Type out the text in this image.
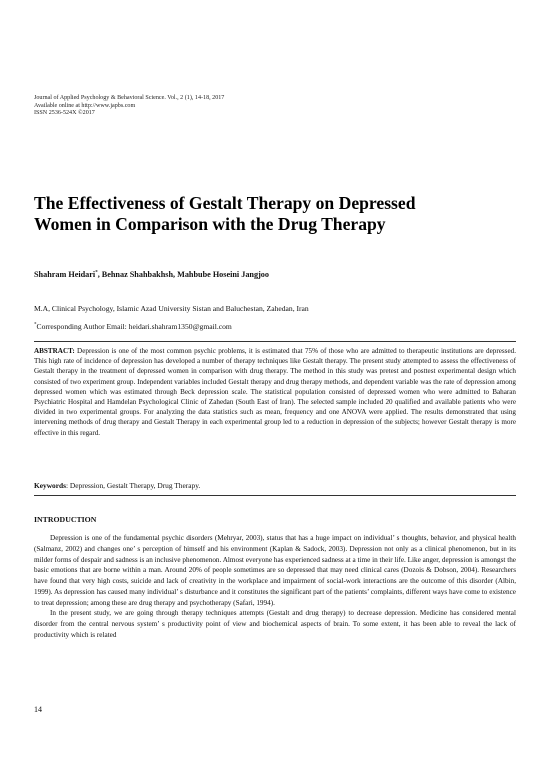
Journal of Applied Psychology & Behavioral Science. Vol., 2 (1), 14-18, 2017
Available online at http://www.japbs.com
ISSN 2536-524X ©2017
The Effectiveness of Gestalt Therapy on Depressed
Women in Comparison with the Drug Therapy
Shahram Heidari*, Behnaz Shahbakhsh, Mahbube Hoseini Jangjoo
M.A, Clinical Psychology, Islamic Azad University Sistan and Baluchestan, Zahedan, Iran
*Corresponding Author Email: heidari.shahram1350@gmail.com
ABSTRACT: Depression is one of the most common psychic problems, it is estimated that 75% of those who are admitted to therapeutic institutions are depressed. This high rate of incidence of depression has developed a number of therapy techniques like Gestalt therapy. The present study attempted to assess the effectiveness of Gestalt therapy in the treatment of depressed women in comparison with drug therapy. The method in this study was pretest and posttest experimental design which consisted of two experiment group. Independent variables included Gestalt therapy and drug therapy methods, and dependent variable was the rate of depression among depressed women which was estimated through Beck depression scale. The statistical population consisted of depressed women who were admitted to Baharan Psychiatric Hospital and Hamdelan Psychological Clinic of Zahedan (South East of Iran). The selected sample included 20 qualified and available patients who were divided in two experimental groups. For analyzing the data statistics such as mean, frequency and one ANOVA were applied. The results demonstrated that using intervening methods of drug therapy and Gestalt Therapy in each experimental group led to a reduction in depression of the subjects; however Gestalt therapy is more effective in this regard.
Keywords: Depression, Gestalt Therapy, Drug Therapy.
INTRODUCTION

Depression is one of the fundamental psychic disorders (Mehryar, 2003), status that has a huge impact on individual’ s thoughts, behavior, and physical health (Salmanz, 2002) and changes one’ s perception of himself and his environment (Kaplan & Sadock, 2003). Depression not only as a clinical phenomenon, but in its milder forms of despair and sadness is an inclusive phenomenon. Almost everyone has experienced sadness at a time in their life. Like anger, depression is amongst the basic emotions that are borne within a man. Around 20% of people sometimes are so depressed that may need clinical cares (Dozois & Dobson, 2004). Researchers have found that very high costs, suicide and lack of creativity in the workplace and impairment of social-work interactions are the outcome of this disorder (Albin, 1999). As depression has caused many individual’ s disturbance and it constitutes the significant part of the patients’ complaints, different ways have come to existence to treat depression; among these are drug therapy and psychotherapy (Safari, 1994).

In the present study, we are going through therapy techniques attempts (Gestalt and drug therapy) to decrease depression. Medicine has considered mental disorder from the central nervous system’ s productivity point of view and biochemical aspects of brain. To some extent, it has been able to reveal the lack of productivity which is related

14
